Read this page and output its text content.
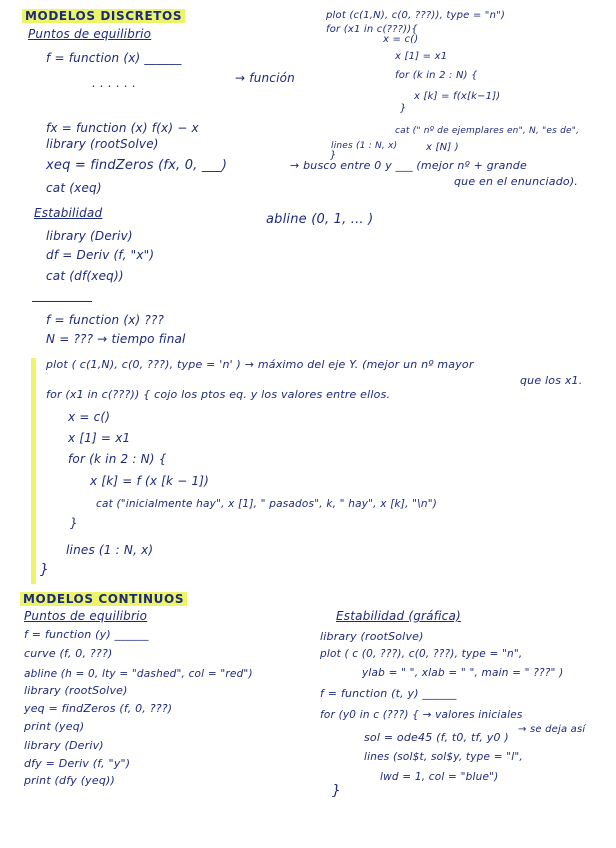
MODELOS DISCRETOS
Puntos de equilibrio
f = function (x) ______
→ función
. . . . . .
fx = function (x) f(x) − x
library (rootSolve)
xeq = findZeros (fx, 0, ___)	→ busco entre 0 y ___ (mejor nº + grande
que en el enunciado).
cat (xeq)
plot (c(1,N), c(0, ???)), type = "n")
for (x1 in c(???)){
x = c()
x [1] = x1
for (k in 2 : N) {
x [k] = f(x[k−1])
}
cat (" nº de ejemplares en", N, "es de",
x [N] )
lines (1 : N, x)
}
Estabilidad
library (Deriv)
df = Deriv (f, "x")
cat (df(xeq))
abline (0, 1, ... )
f = function (x) ???
N = ??? → tiempo final
plot ( c(1,N), c(0, ???), type = 'n' ) → máximo del eje Y. (mejor un nº mayor
que los x1.
for (x1 in c(???)) { cojo los ptos eq. y los valores entre ellos.
x = c()
x [1] = x1
for (k in 2 : N) {
x [k] = f (x [k − 1])
cat ("inicialmente hay", x [1], " pasados", k, " hay", x [k], "\n")
}
lines (1 : N, x)
}
MODELOS CONTINUOS
Puntos de equilibrio
f = function (y) ______
curve (f, 0, ???)
abline (h = 0, lty = "dashed", col = "red")
library (rootSolve)
yeq = findZeros (f, 0, ???)
print (yeq)
library (Deriv)
dfy = Deriv (f, "y")
print (dfy (yeq))
Estabilidad (gráfica)
library (rootSolve)
plot ( c (0, ???), c(0, ???), type = "n",
ylab = " ", xlab = " ", main = " ???" )
f = function (t, y) ______
for (y0 in c (???) { → valores iniciales
→ se deja así
sol = ode45 (f, t0, tf, y0 )
lines (sol$t, sol$y, type = "l",
lwd = 1, col = "blue")
}
